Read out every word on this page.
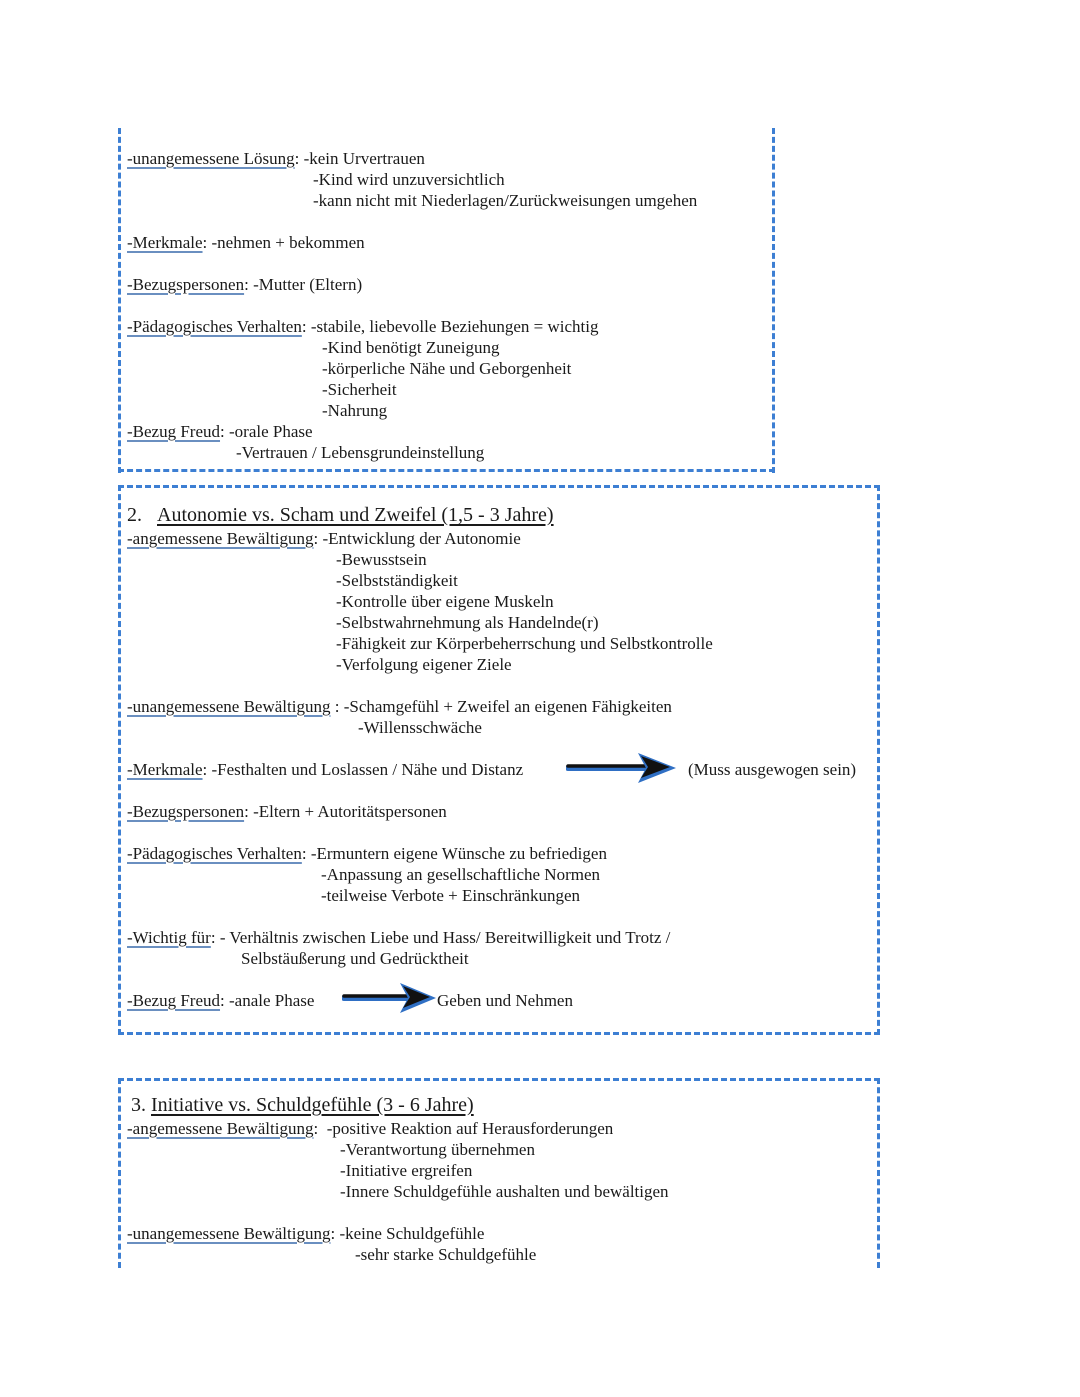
-unangemessene Lösung: -kein Urvertrauen
-Kind wird unzuversichtlich
-kann nicht mit Niederlagen/Zurückweisungen umgehen
-Merkmale: -nehmen + bekommen
-Bezugspersonen: -Mutter (Eltern)
-Pädagogisches Verhalten: -stabile, liebevolle Beziehungen = wichtig
-Kind benötigt Zuneigung
-körperliche Nähe und Geborgenheit
-Sicherheit
-Nahrung
-Bezug Freud: -orale Phase
-Vertrauen / Lebensgrundeinstellung
2. Autonomie vs. Scham und Zweifel (1,5 - 3 Jahre)
-angemessene Bewältigung: -Entwicklung der Autonomie
-Bewusstsein
-Selbstständigkeit
-Kontrolle über eigene Muskeln
-Selbstwahrnehmung als Handelnde(r)
-Fähigkeit zur Körperbeherrschung und Selbstkontrolle
-Verfolgung eigener Ziele
-unangemessene Bewältigung : -Schamgefühl + Zweifel an eigenen Fähigkeiten
-Willensschwäche
-Merkmale: -Festhalten und Loslassen / Nähe und Distanz	(Muss ausgewogen sein)
-Bezugspersonen: -Eltern + Autoritätspersonen
-Pädagogisches Verhalten: -Ermuntern eigene Wünsche zu befriedigen
-Anpassung an gesellschaftliche Normen
-teilweise Verbote + Einschränkungen
-Wichtig für: - Verhältnis zwischen Liebe und Hass/ Bereitwilligkeit und Trotz /
Selbstäußerung und Gedrücktheit
-Bezug Freud: -anale Phase	Geben und Nehmen
3. Initiative vs. Schuldgefühle (3 - 6 Jahre)
-angemessene Bewältigung:  -positive Reaktion auf Herausforderungen
-Verantwortung übernehmen
-Initiative ergreifen
-Innere Schuldgefühle aushalten und bewältigen
-unangemessene Bewältigung: -keine Schuldgefühle
-sehr starke Schuldgefühle
